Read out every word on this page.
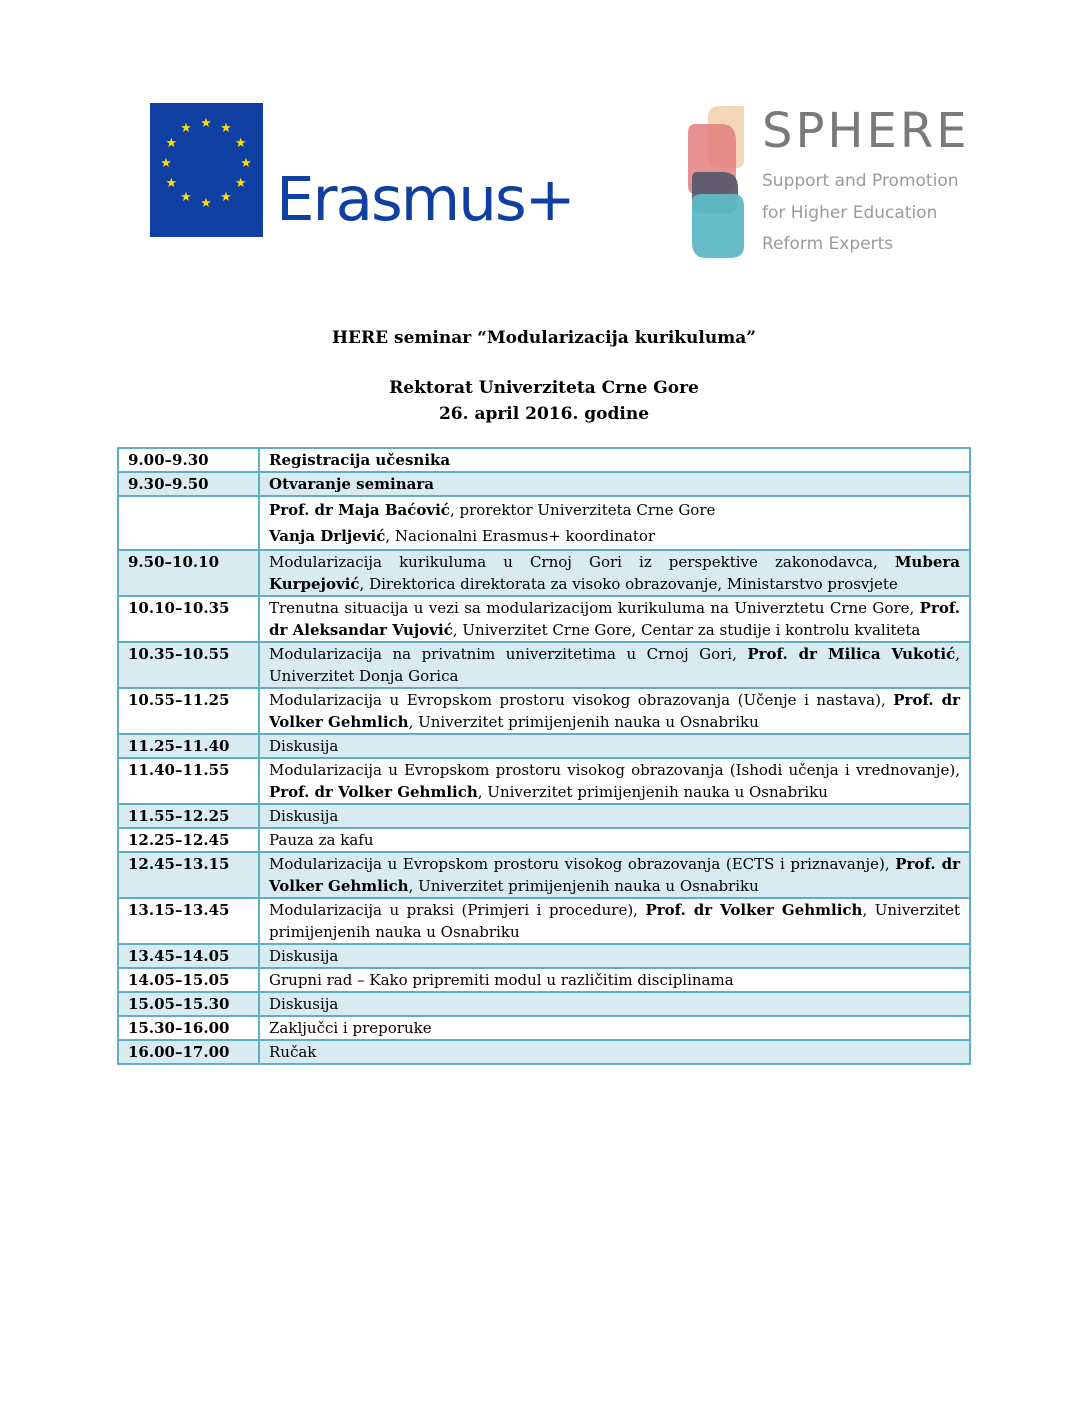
★ ★
★
★
★
★
★
★
★
★
★
★
Erasmus+
SPHERE
Support and Promotion
for Higher Education
Reform Experts
HERE seminar “Modularizacija kurikuluma”
Rektorat Univerziteta Crne Gore
26. april 2016. godine
9.00–9.30	Registracija učesnika
9.30–9.50	Otvaranje seminara

	Prof. dr Maja Baćović, prorektor Univerziteta Crne Gore
Vanja Drljević, Nacionalni Erasmus+ koordinator

9.50–10.10	Modularizacija kurikuluma u Crnoj Gori iz perspektive zakonodavca, Mubera Kurpejović, Direktorica direktorata za visoko obrazovanje, Ministarstvo prosvjete
10.10–10.35	Trenutna situacija u vezi sa modularizacijom kurikuluma na Univerztetu Crne Gore, Prof. dr Aleksandar Vujović, Univerzitet Crne Gore, Centar za studije i kontrolu kvaliteta
10.35–10.55	Modularizacija na privatnim univerzitetima u Crnoj Gori, Prof. dr Milica Vukotić, Univerzitet Donja Gorica
10.55–11.25	Modularizacija u Evropskom prostoru visokog obrazovanja (Učenje i nastava), Prof. dr Volker Gehmlich, Univerzitet primijenjenih nauka u Osnabriku
11.25–11.40	Diskusija
11.40–11.55	Modularizacija u Evropskom prostoru visokog obrazovanja (Ishodi učenja i vrednovanje), Prof. dr Volker Gehmlich, Univerzitet primijenjenih nauka u Osnabriku
11.55–12.25	Diskusija
12.25–12.45	Pauza za kafu
12.45–13.15	Modularizacija u Evropskom prostoru visokog obrazovanja (ECTS i priznavanje), Prof. dr Volker Gehmlich, Univerzitet primijenjenih nauka u Osnabriku
13.15–13.45	Modularizacija u praksi (Primjeri i procedure), Prof. dr Volker Gehmlich, Univerzitet primijenjenih nauka u Osnabriku
13.45–14.05	Diskusija
14.05–15.05	Grupni rad – Kako pripremiti modul u različitim disciplinama
15.05–15.30	Diskusija
15.30–16.00	Zaključci i preporuke
16.00–17.00	Ručak
